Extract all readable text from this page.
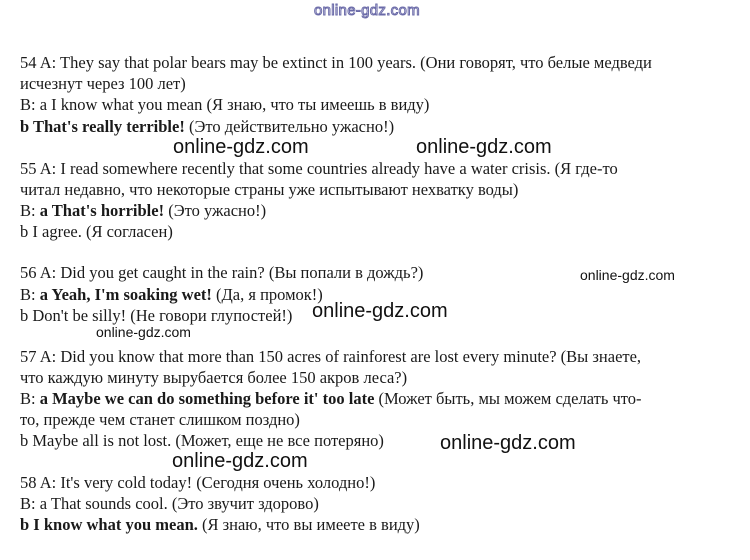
online-gdz.com
online-gdz.com	online-gdz.com
online-gdz.com
online-gdz.com
online-gdz.com
online-gdz.com
online-gdz.com
54 A: They say that polar bears may be extinct in 100 years. (Они говорят, что белые медведи
исчезнут через 100 лет)
B: a I know what you mean (Я знаю, что ты имеешь в виду)
b That's really terrible! (Это действительно ужасно!)
55 A: I read somewhere recently that some countries already have a water crisis. (Я где-то
читал недавно, что некоторые страны уже испытывают нехватку воды)
B: a That's horrible! (Это ужасно!)
b I agree. (Я согласен)
56 A: Did you get caught in the rain? (Вы попали в дождь?)
B: a Yeah, I'm soaking wet! (Да, я промок!)
b Don't be silly! (Не говори глупостей!)
57 A: Did you know that more than 150 acres of rainforest are lost every minute? (Вы знаете,
что каждую минуту вырубается более 150 акров леса?)
B: a Maybe we can do something before it' too late (Может быть, мы можем сделать что-
то, прежде чем станет слишком поздно)
b Maybe all is not lost. (Может, еще не все потеряно)
58 A: It's very cold today! (Сегодня очень холодно!)
B: a That sounds cool. (Это звучит здорово)
b I know what you mean. (Я знаю, что вы имеете в виду)
